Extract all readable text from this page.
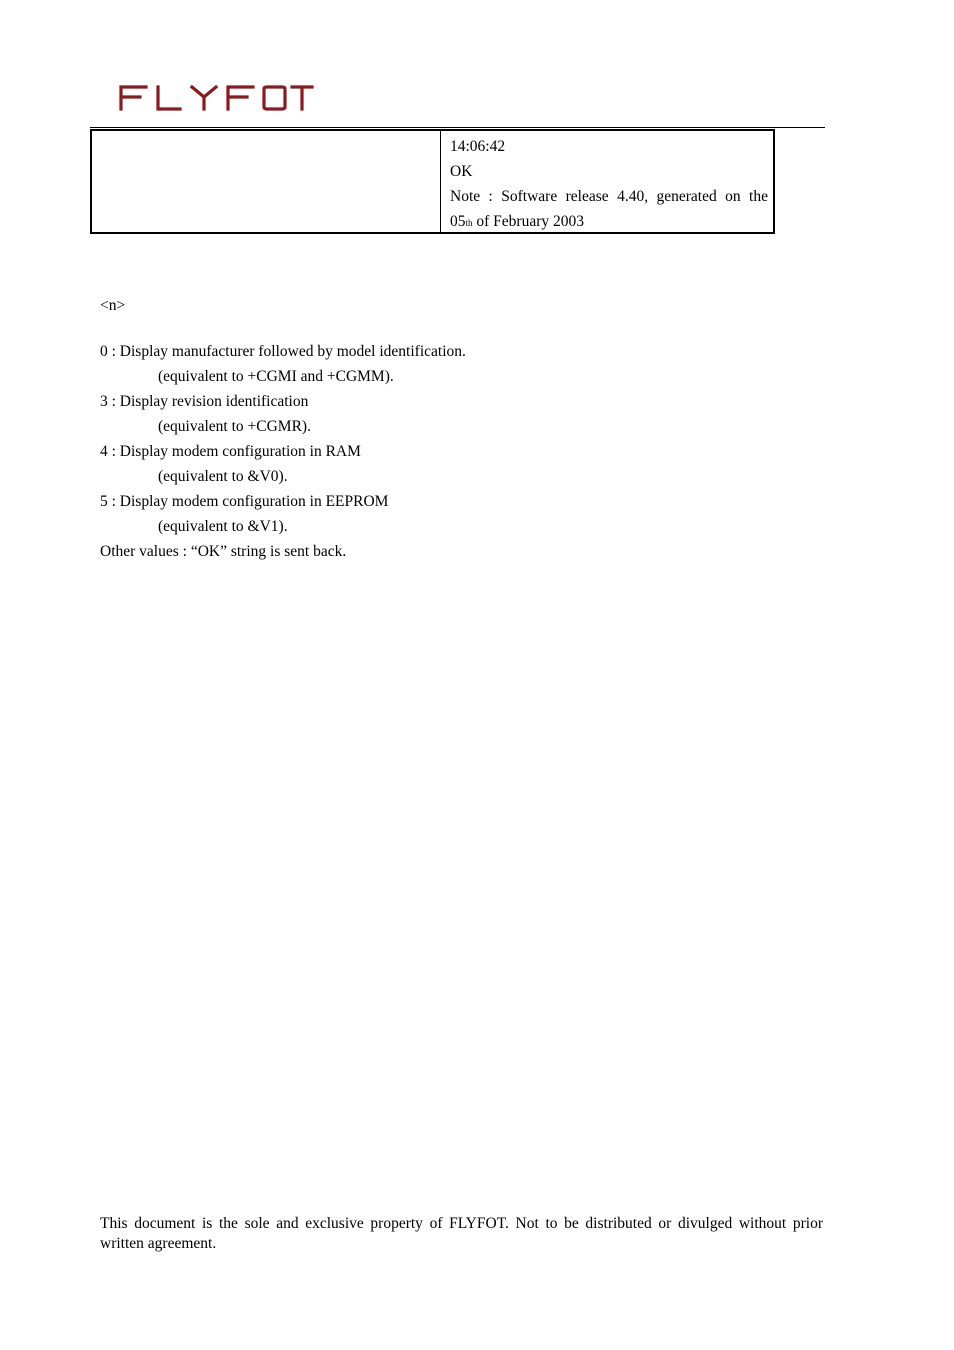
14:06:42
OK
Note : Software release 4.40, generated on the
05th of February 2003
<n>
0 : Display manufacturer followed by model identification.
(equivalent to +CGMI and +CGMM).
3 : Display revision identification
(equivalent to +CGMR).
4 : Display modem configuration in RAM
(equivalent to &V0).
5 : Display modem configuration in EEPROM
(equivalent to &V1).
Other values : “OK” string is sent back.
This document is the sole and exclusive property of FLYFOT. Not to be distributed or divulged without prior written agreement.
